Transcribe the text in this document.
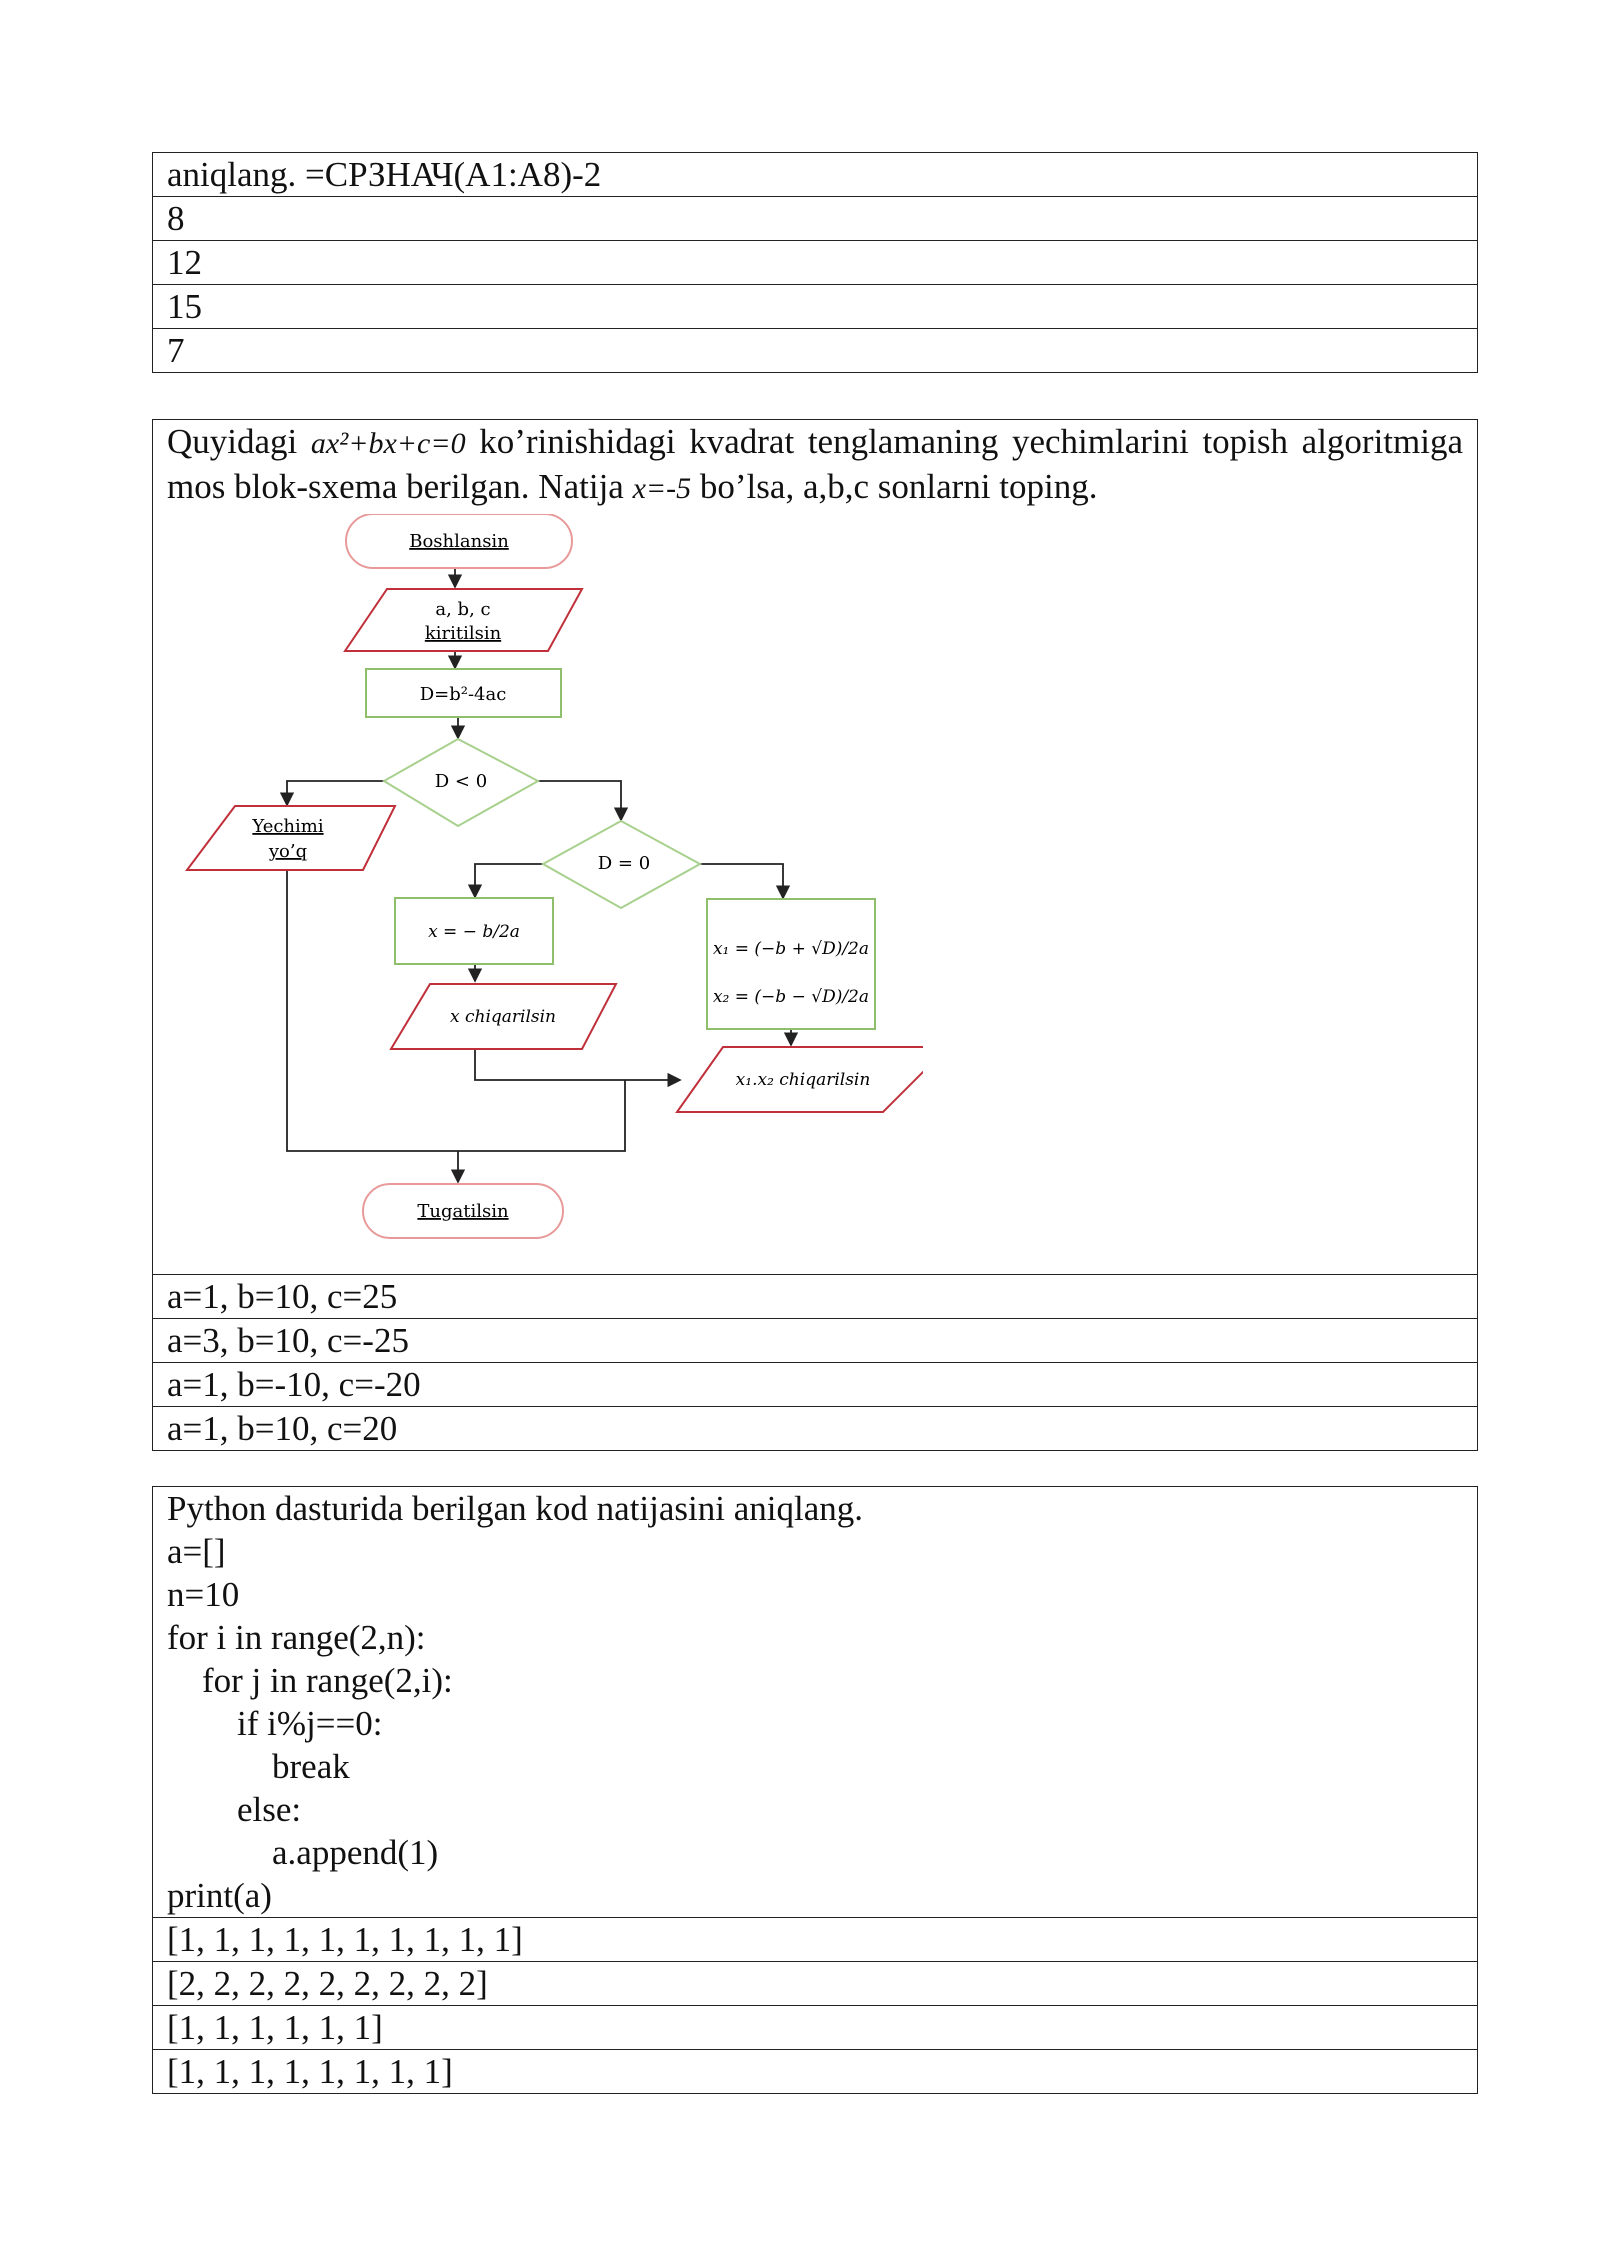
aniqlang. =СРЗНАЧ(A1:A8)-2
8
12
15
7
Quyidagi ax²+bx+c=0 ko’rinishidagi kvadrat tenglamaning yechimlarini topish algoritmiga mos blok-sxema berilgan. Natija x=-5 bo’lsa, a,b,c sonlarni toping.
Boshlansin
a, b, c
kiritilsin
D=b²-4ac
D < 0
Yechimi
yo’q
D = 0
x = − b/2a
x₁ = (−b + √D)/2a
x₂ = (−b − √D)/2a
x chiqarilsin
x₁.x₂ chiqarilsin
Tugatilsin

a=1, b=10, c=25
a=3, b=10, c=-25
a=1, b=-10, c=-20
a=1, b=10, c=20
Python dasturida berilgan kod natijasini aniqlang.
a=[]
n=10
for i in range(2,n):
for j in range(2,i):
if i%j==0:
break
else:
a.append(1)
print(a)

[1, 1, 1, 1, 1, 1, 1, 1, 1, 1]
[2, 2, 2, 2, 2, 2, 2, 2, 2]
[1, 1, 1, 1, 1, 1]
[1, 1, 1, 1, 1, 1, 1, 1]
